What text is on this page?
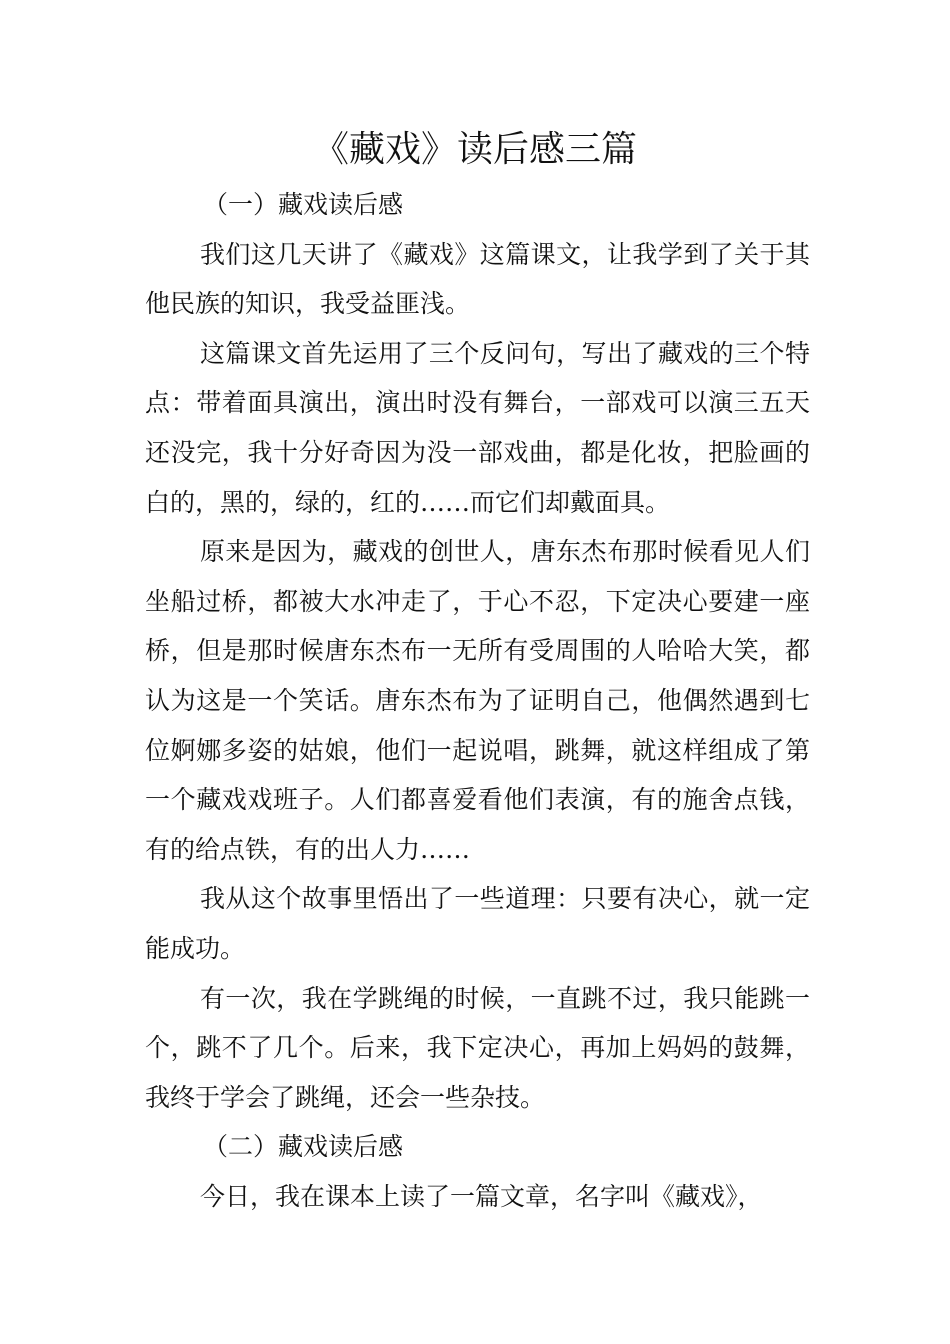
《藏戏》读后感三篇
（一）藏戏读后感

我们这几天讲了《藏戏》这篇课文，让我学到了关于其他民族的知识，我受益匪浅。

这篇课文首先运用了三个反问句，写出了藏戏的三个特点：带着面具演出，演出时没有舞台，一部戏可以演三五天还没完，我十分好奇因为没一部戏曲，都是化妆，把脸画的白的，黑的，绿的，红的……而它们却戴面具。

原来是因为，藏戏的创世人，唐东杰布那时候看见人们坐船过桥，都被大水冲走了，于心不忍，下定决心要建一座桥，但是那时候唐东杰布一无所有受周围的人哈哈大笑，都认为这是一个笑话。唐东杰布为了证明自己，他偶然遇到七位婀娜多姿的姑娘，他们一起说唱，跳舞，就这样组成了第一个藏戏戏班子。人们都喜爱看他们表演，有的施舍点钱，有的给点铁，有的出人力……

我从这个故事里悟出了一些道理：只要有决心，就一定能成功。

有一次，我在学跳绳的时候，一直跳不过，我只能跳一个，跳不了几个。后来，我下定决心，再加上妈妈的鼓舞，我终于学会了跳绳，还会一些杂技。

（二）藏戏读后感

今日，我在课本上读了一篇文章，名字叫《藏戏》，
